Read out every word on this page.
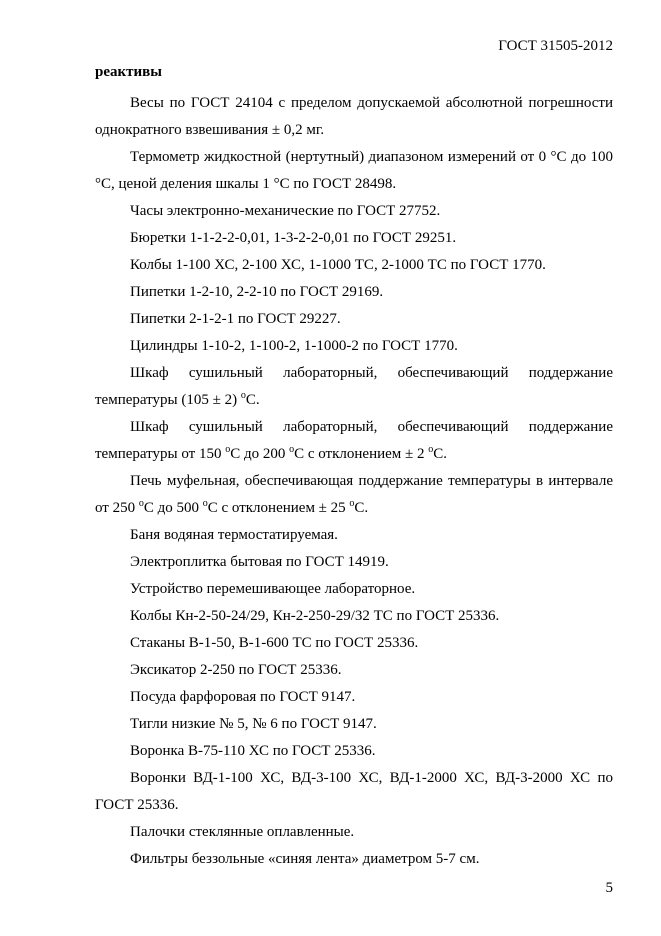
ГОСТ 31505-2012
реактивы

Весы по ГОСТ 24104 с пределом допускаемой абсолютной погрешности однократного взвешивания ± 0,2 мг.

Термометр жидкостной (нертутный) диапазоном измерений от 0 °С до 100 °С, ценой деления шкалы 1 °С по ГОСТ 28498.

Часы электронно-механические по ГОСТ 27752.

Бюретки 1-1-2-2-0,01, 1-3-2-2-0,01 по ГОСТ 29251.

Колбы 1-100 ХС, 2-100 ХС, 1-1000 ТС, 2-1000 ТС по ГОСТ 1770.

Пипетки 1-2-10, 2-2-10 по ГОСТ 29169.

Пипетки 2-1-2-1 по ГОСТ 29227.

Цилиндры 1-10-2, 1-100-2, 1-1000-2 по ГОСТ 1770.

Шкаф сушильный лабораторный, обеспечивающий поддержание температуры (105 ± 2) $^о$С.

Шкаф сушильный лабораторный, обеспечивающий поддержание температуры от 150 $^о$С до 200 $^о$С с отклонением ± 2 $^о$С.

Печь муфельная, обеспечивающая поддержание температуры в интервале от 250 $^о$С до 500 $^о$С с отклонением ± 25 $^о$С.

Баня водяная термостатируемая.

Электроплитка бытовая по ГОСТ 14919.

Устройство перемешивающее лабораторное.

Колбы Кн-2-50-24/29, Кн-2-250-29/32 ТС по ГОСТ 25336.

Стаканы В-1-50, В-1-600 ТС по ГОСТ 25336.

Эксикатор 2-250 по ГОСТ 25336.

Посуда фарфоровая по ГОСТ 9147.

Тигли низкие № 5, № 6 по ГОСТ 9147.

Воронка В-75-110 ХС по ГОСТ 25336.

Воронки ВД-1-100 ХС, ВД-3-100 ХС, ВД-1-2000 ХС, ВД-3-2000 ХС по ГОСТ 25336.

Палочки стеклянные оплавленные.

Фильтры беззольные «синяя лента» диаметром 5-7 см.

5
